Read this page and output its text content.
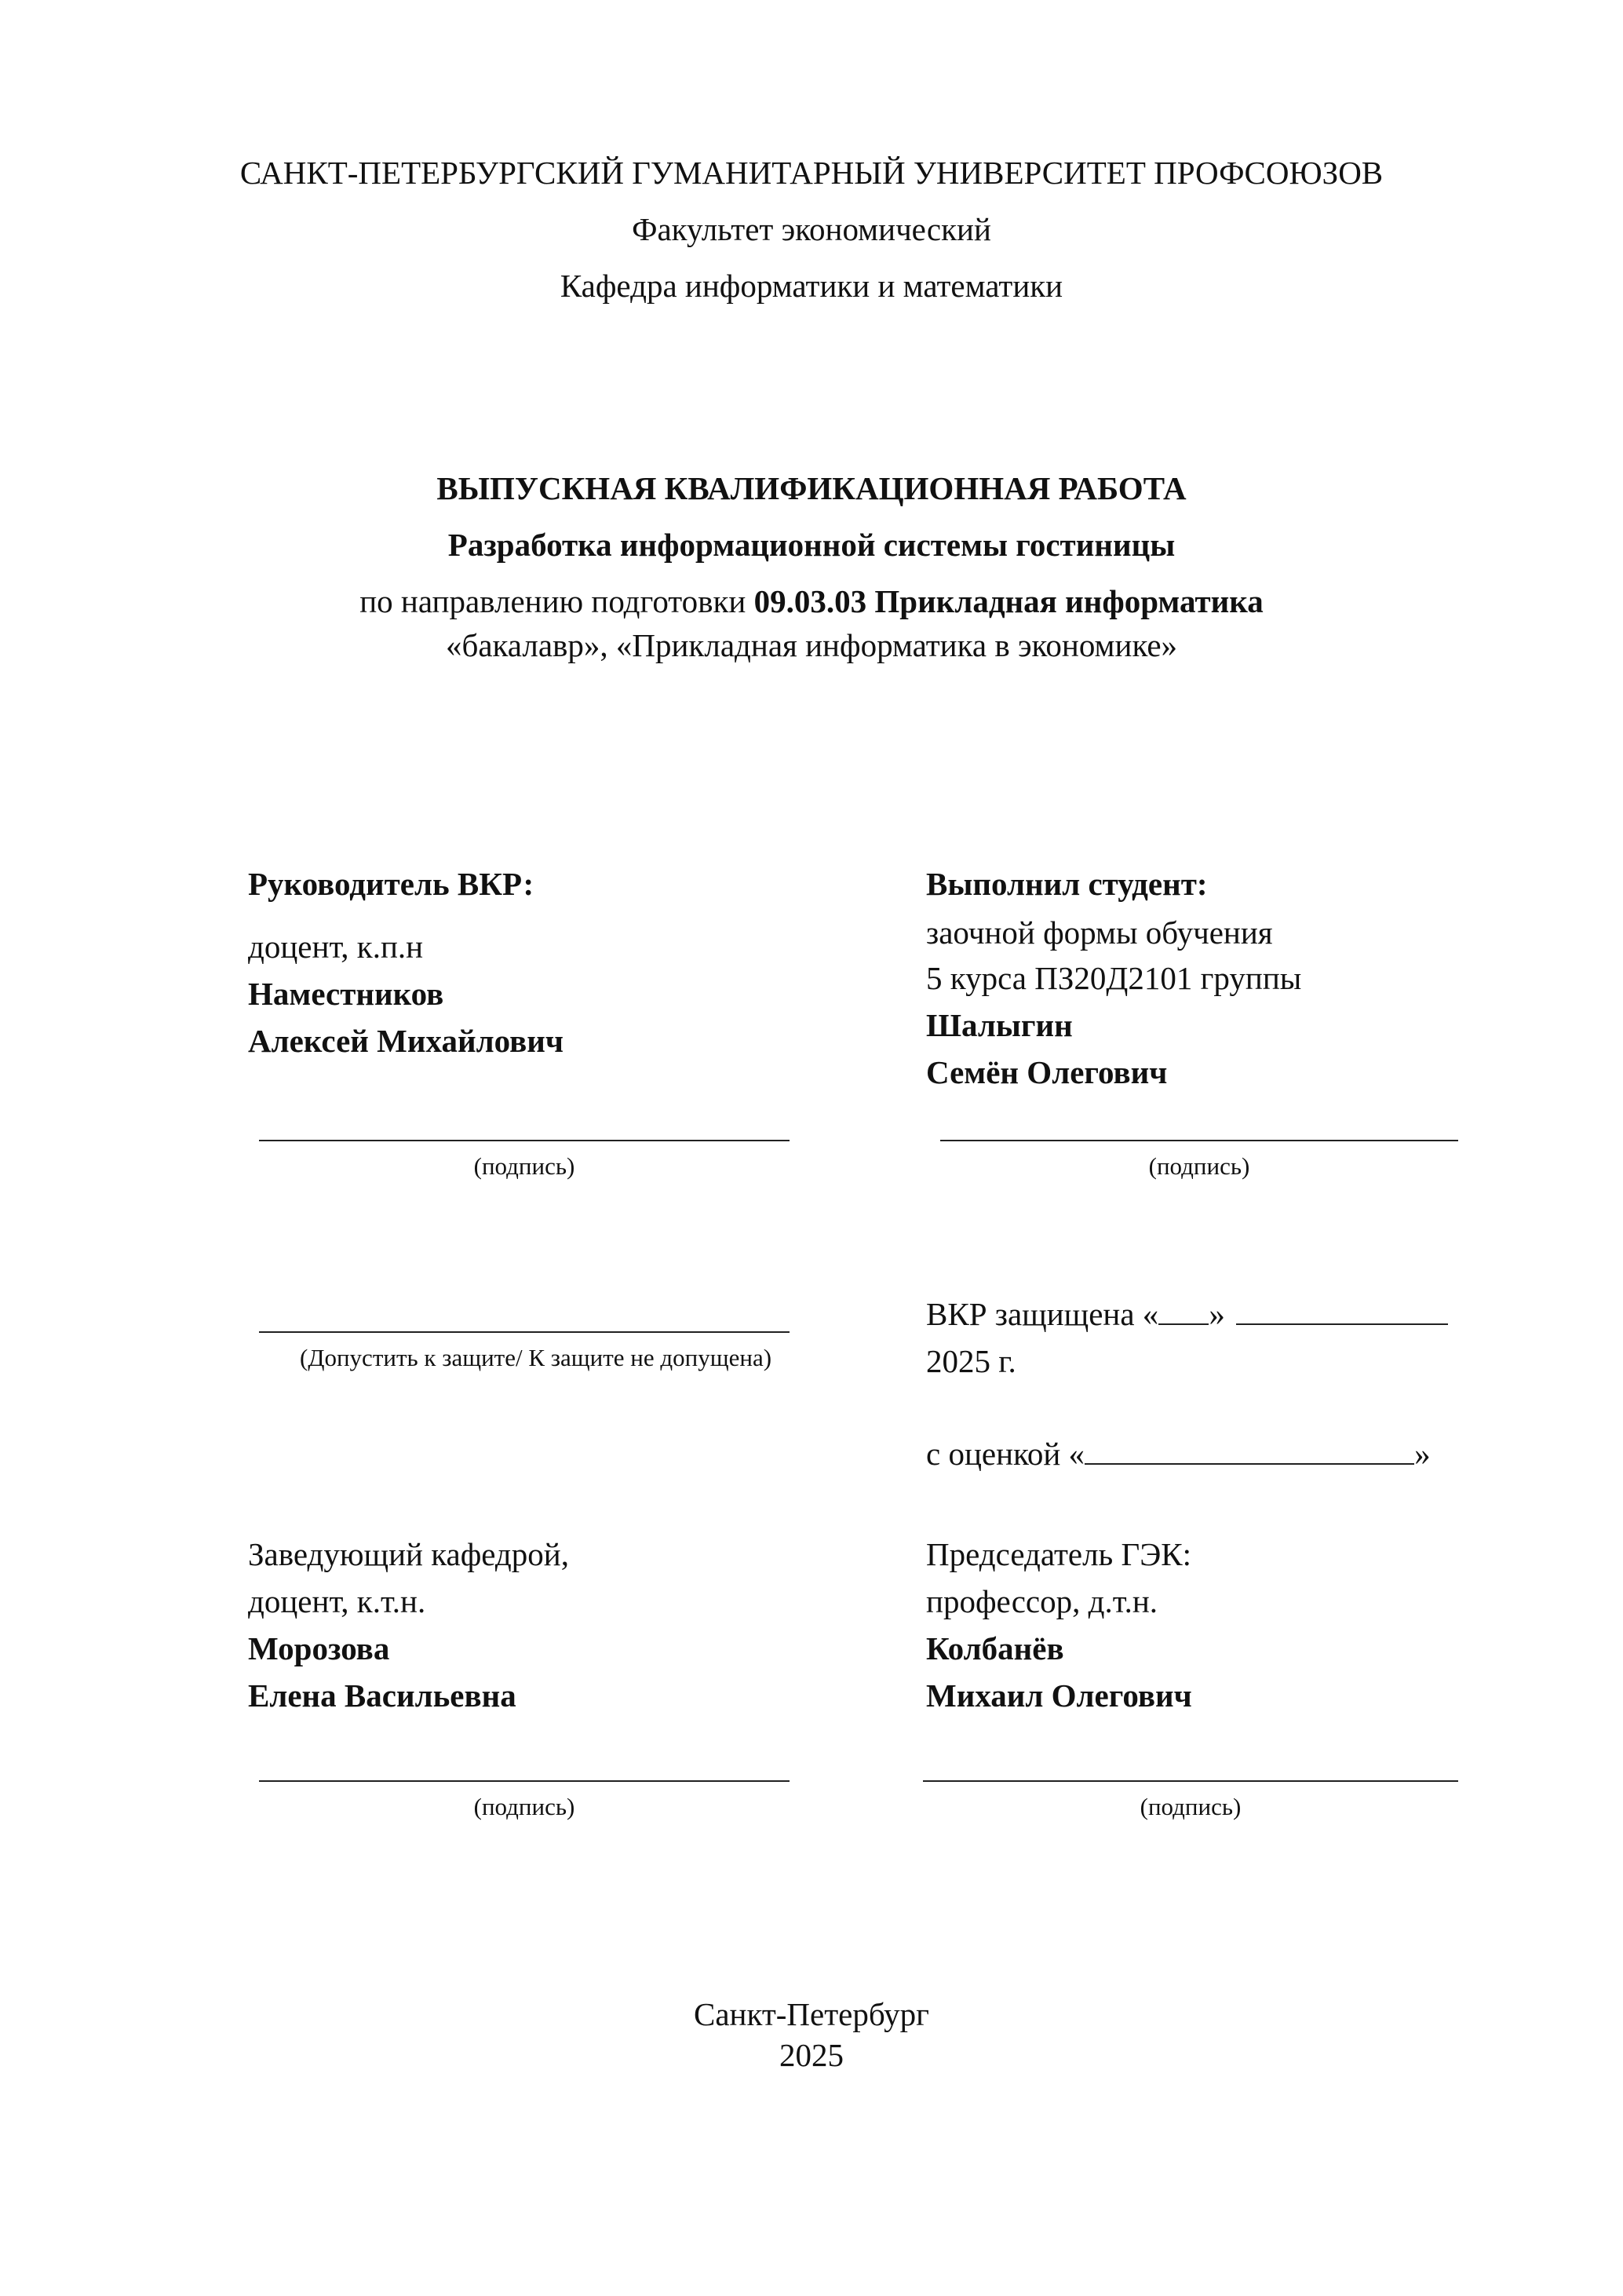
САНКТ-ПЕТЕРБУРГСКИЙ ГУМАНИТАРНЫЙ УНИВЕРСИТЕТ ПРОФСОЮЗОВ
Факультет экономический
Кафедра информатики и математики
ВЫПУСКНАЯ КВАЛИФИКАЦИОННАЯ РАБОТА
Разработка информационной системы гостиницы
по направлению подготовки 09.03.03 Прикладная информатика
«бакалавр», «Прикладная информатика в экономике»
Руководитель ВКР:
доцент, к.п.н
Наместников
Алексей Михайлович
(подпись)
Выполнил студент:
заочной формы обучения
5 курса ПЗ20Д2101 группы
Шалыгин
Семён Олегович
(подпись)
(Допустить к защите/ К защите не допущена)
ВКР защищена « »
2025 г.
с оценкой «	»
Заведующий кафедрой,
доцент, к.т.н.
Морозова
Елена Васильевна
(подпись)
Председатель ГЭК:
профессор, д.т.н.
Колбанёв
Михаил Олегович
(подпись)
Санкт-Петербург
2025
